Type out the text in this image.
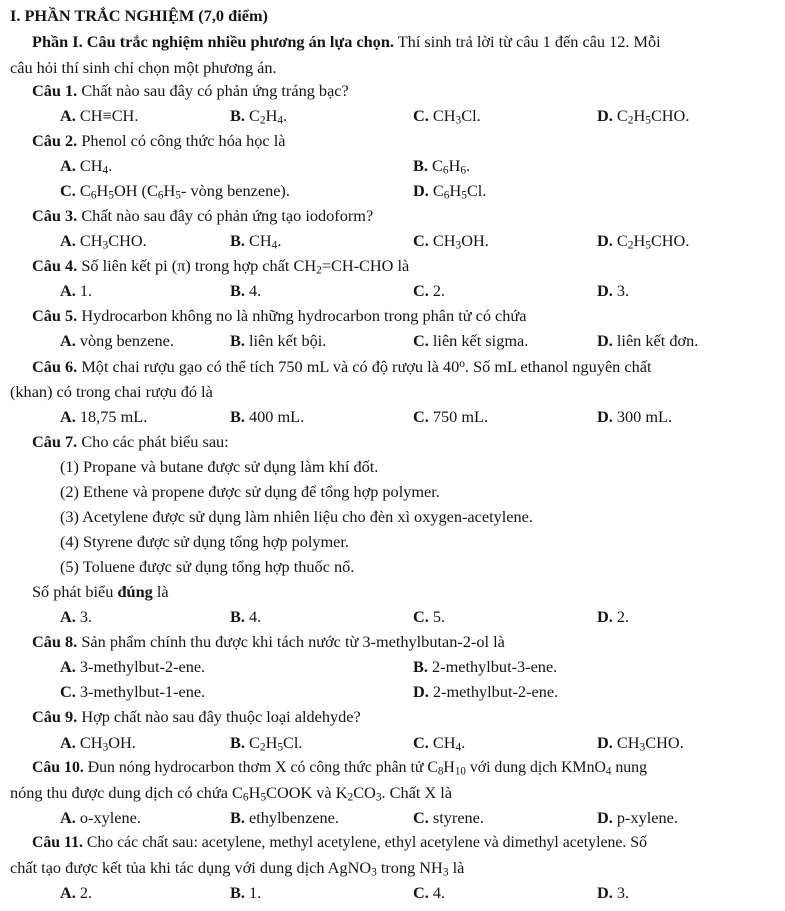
I. PHẦN TRẮC NGHIỆM (7,0 điểm)
Phần I. Câu trắc nghiệm nhiều phương án lựa chọn. Thí sinh trả lời từ câu 1 đến câu 12. Mỗi
câu hỏi thí sinh chỉ chọn một phương án.
Câu 1. Chất nào sau đây có phản ứng tráng bạc?
A. CH≡CH.	B. $C_2H_4$.	C. $CH_3Cl$.	D. $C_2H_5CHO$.
Câu 2. Phenol có công thức hóa học là
A. $CH_4$.	B. $C_6H_6$.
C. $C_6H_5OH$ ($C_6H_5-$ vòng benzene).	D. $C_6H_5Cl$.
Câu 3. Chất nào sau đây có phản ứng tạo iodoform?
A. $CH_3CHO$.	B. $CH_4$.	C. $CH_3OH$.	D. $C_2H_5CHO$.
Câu 4. Số liên kết pi (π) trong hợp chất $CH_2=CH$-CHO là
A. 1.	B. 4.	C. 2.	D. 3.
Câu 5. Hydrocarbon không no là những hydrocarbon trong phân tử có chứa
A. vòng benzene.	B. liên kết bội.	C. liên kết sigma.	D. liên kết đơn.
Câu 6. Một chai rượu gạo có thể tích 750 mL và có độ rượu là 40$^o$. Số mL ethanol nguyên chất
(khan) có trong chai rượu đó là
A. 18,75 mL.	B. 400 mL.	C. 750 mL.	D. 300 mL.
Câu 7. Cho các phát biểu sau:
(1) Propane và butane được sử dụng làm khí đốt.
(2) Ethene và propene được sử dụng để tổng hợp polymer.
(3) Acetylene được sử dụng làm nhiên liệu cho đèn xì oxygen-acetylene.
(4) Styrene được sử dụng tổng hợp polymer.
(5) Toluene được sử dụng tổng hợp thuốc nổ.
Số phát biểu đúng là
A. 3.	B. 4.	C. 5.	D. 2.
Câu 8. Sản phẩm chính thu được khi tách nước từ 3-methylbutan-2-ol là
A. 3-methylbut-2-ene.	B. 2-methylbut-3-ene.
C. 3-methylbut-1-ene.	D. 2-methylbut-2-ene.
Câu 9. Hợp chất nào sau đây thuộc loại aldehyde?
A. $CH_3OH$.	B. $C_2H_5Cl$.	C. $CH_4$.	D. $CH_3CHO$.
Câu 10. Đun nóng hydrocarbon thơm X có công thức phân tử $C_8H_{10}$ với dung dịch KMnO$_4$ nung
nóng thu được dung dịch có chứa $C_6H_5COOK$ và $K_2CO_3$. Chất X là
A. o-xylene.	B. ethylbenzene.	C. styrene.	D. p-xylene.
Câu 11. Cho các chất sau: acetylene, methyl acetylene, ethyl acetylene và dimethyl acetylene. Số
chất tạo được kết tủa khi tác dụng với dung dịch AgNO$_3$ trong $NH_3$ là
A. 2.	B. 1.	C. 4.	D. 3.
